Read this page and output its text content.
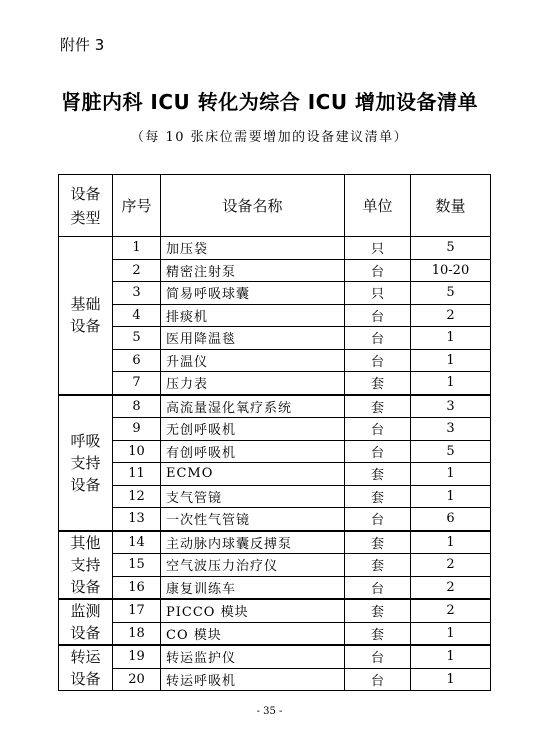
附件 3
肾脏内科 ICU 转化为综合 ICU 增加设备清单
（每 10 张床位需要增加的设备建议清单）
设备类型	序号	设备名称	单位	数量
基础设备	1	加压袋	只	5
	2	精密注射泵	台	10-20
	3	简易呼吸球囊	只	5
	4	排痰机	台	2
	5	医用降温毯	台	1
	6	升温仪	台	1
	7	压力表	套	1
呼吸支持设备	8	高流量湿化氧疗系统	套	3
	9	无创呼吸机	台	3
	10	有创呼吸机	台	5
	11	ECMO	套	1
	12	支气管镜	套	1
	13	一次性气管镜	台	6
其他支持设备	14	主动脉内球囊反搏泵	套	1
	15	空气波压力治疗仪	套	2
	16	康复训练车	台	2
监测设备	17	PICCO 模块	套	2
	18	CO 模块	套	1
转运设备	19	转运监护仪	台	1
	20	转运呼吸机	台	1
- 35 -
